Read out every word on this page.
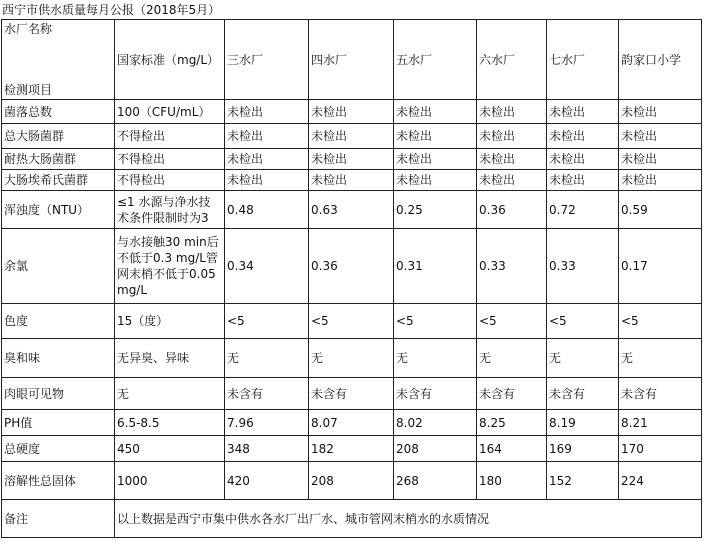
西宁市供水质量每月公报（2018年5月）
水厂名称
检测项目	国家标准（mg/L）	三水厂	四水厂	五水厂	六水厂	七水厂	韵家口小学
菌落总数	100（CFU/mL）	未检出	未检出	未检出	未检出	未检出	未检出
总大肠菌群	不得检出	未检出	未检出	未检出	未检出	未检出	未检出
耐热大肠菌群	不得检出	未检出	未检出	未检出	未检出	未检出	未检出
大肠埃希氏菌群	不得检出	未检出	未检出	未检出	未检出	未检出	未检出
浑浊度（NTU）	≤1 水源与净水技术条件限制时为3	0.48	0.63	0.25	0.36	0.72	0.59
余氯	与水接触30 min后不低于0.3 mg/L管网末梢不低于0.05 mg/L	0.34	0.36	0.31	0.33	0.33	0.17
色度	15（度）	<5	<5	<5	<5	<5	<5
臭和味	无异臭、异味	无	无	无	无	无	无
肉眼可见物	无	未含有	未含有	未含有	未含有	未含有	未含有
PH值	6.5-8.5	7.96	8.07	8.02	8.25	8.19	8.21
总硬度	450	348	182	208	164	169	170
溶解性总固体	1000	420	208	268	180	152	224
备注	以上数据是西宁市集中供水各水厂出厂水、城市管网末梢水的水质情况						
